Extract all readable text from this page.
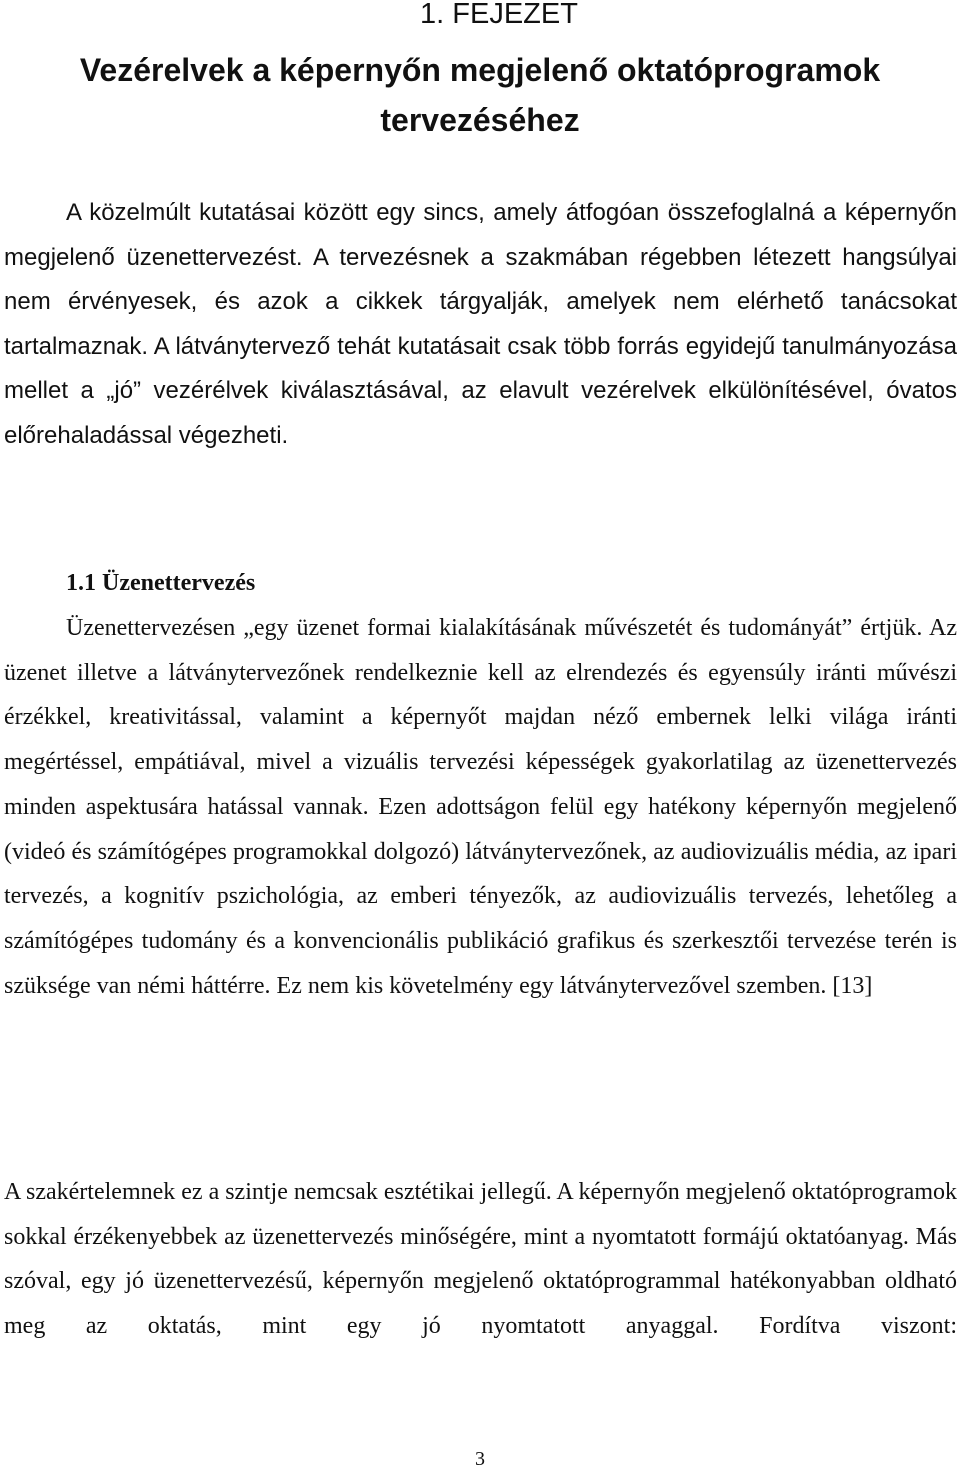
1. FEJEZET
Vezérelvek a képernyőn megjelenő oktatóprogramok tervezéséhez

A közelmúlt kutatásai között egy sincs, amely átfogóan összefoglalná a képernyőn megjelenő üzenettervezést. A tervezésnek a szakmában régebben létezett hangsúlyai nem érvényesek, és azok a cikkek tárgyalják, amelyek nem elérhető tanácsokat tartalmaznak. A látványtervező tehát kutatásait csak több forrás egyidejű tanulmányozása mellet a „jó” vezérélvek kiválasztásával, az elavult vezérelvek elkülönítésével, óvatos előrehaladással végezheti.

1.1 Üzenettervezés

Üzenettervezésen „egy üzenet formai kialakításának művészetét és tudományát” értjük. Az üzenet illetve a látványtervezőnek rendelkeznie kell az elrendezés és egyensúly iránti művészi érzékkel, kreativitással, valamint a képernyőt majdan néző embernek lelki világa iránti megértéssel, empátiával, mivel a vizuális tervezési képességek gyakorlatilag az üzenettervezés minden aspektusára hatással vannak. Ezen adottságon felül egy hatékony képernyőn megjelenő (videó és számítógépes programokkal dolgozó) látványtervezőnek, az audiovizuális média, az ipari tervezés, a kognitív pszichológia, az emberi tényezők, az audiovizuális tervezés, lehetőleg a számítógépes tudomány és a konvencionális publikáció grafikus és szerkesztői tervezése terén is szüksége van némi háttérre. Ez nem kis követelmény egy látványtervezővel szemben. [13]

A szakértelemnek ez a szintje nemcsak esztétikai jellegű. A képernyőn megjelenő oktatóprogramok sokkal érzékenyebbek az üzenettervezés minőségére, mint a nyomtatott formájú oktatóanyag. Más szóval, egy jó üzenettervezésű, képernyőn megjelenő oktatóprogrammal hatékonyabban oldható meg az oktatás, mint egy jó nyomtatott anyaggal. Fordítva viszont:

3
